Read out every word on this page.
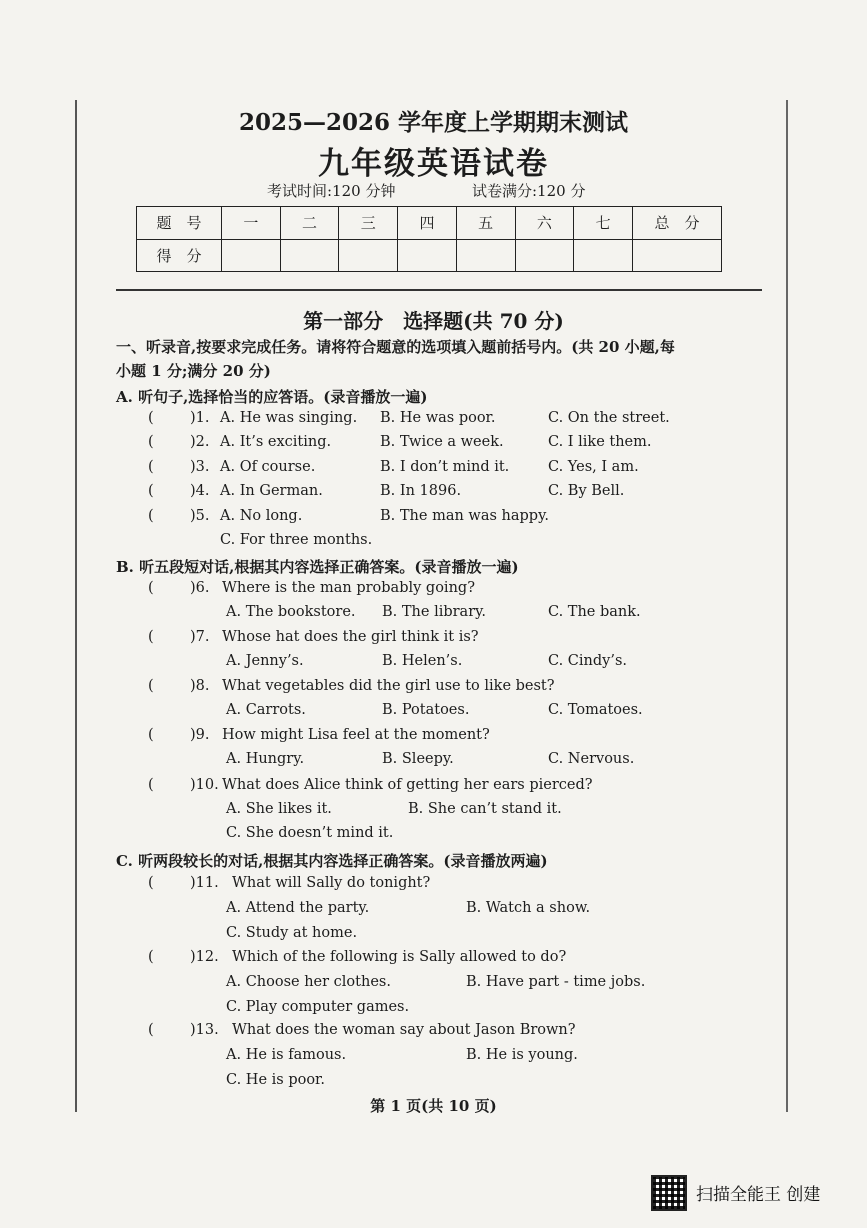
2025—2026 学年度上学期期末测试
九年级英语试卷
考试时间:120 分钟	试卷满分:120 分
题　号	一	二	三	四	五	六	七	总　分
得　分								
第一部分　选择题(共 70 分)
一、听录音,按要求完成任务。请将符合题意的选项填入题前括号内。(共 20 小题,每
小题 1 分;满分 20 分)
A. 听句子,选择恰当的应答语。(录音播放一遍)
(	)1. A. He was singing. B. He was poor.	C. On the street.
(	)2. A. It’s exciting.	B. Twice a week.	C. I like them.
(	)3. A. Of course.	B. I don’t mind it.	C. Yes, I am.
(	)4. A. In German.	B. In 1896.	C. By Bell.
(	)5. A. No long.	B. The man was happy.
C. For three months.
B. 听五段短对话,根据其内容选择正确答案。(录音播放一遍)
(	)6. Where is the man probably going?
A. The bookstore. B. The library.	C. The bank.
(	)7. Whose hat does the girl think it is?
A. Jenny’s.	B. Helen’s.	C. Cindy’s.
(	)8. What vegetables did the girl use to like best?
A. Carrots.	B. Potatoes.	C. Tomatoes.
(	)9. How might Lisa feel at the moment?
A. Hungry.	B. Sleepy.	C. Nervous.
(	)10. What does Alice think of getting her ears pierced?
A. She likes it.	B. She can’t stand it.
C. She doesn’t mind it.
C. 听两段较长的对话,根据其内容选择正确答案。(录音播放两遍)
(	)11. What will Sally do tonight?
A. Attend the party.	B. Watch a show.
C. Study at home.
(	)12. Which of the following is Sally allowed to do?
A. Choose her clothes.	B. Have part - time jobs.
C. Play computer games.
(	)13. What does the woman say about Jason Brown?
A. He is famous.	B. He is young.
C. He is poor.
第 1 页(共 10 页)
扫描全能王 创建
